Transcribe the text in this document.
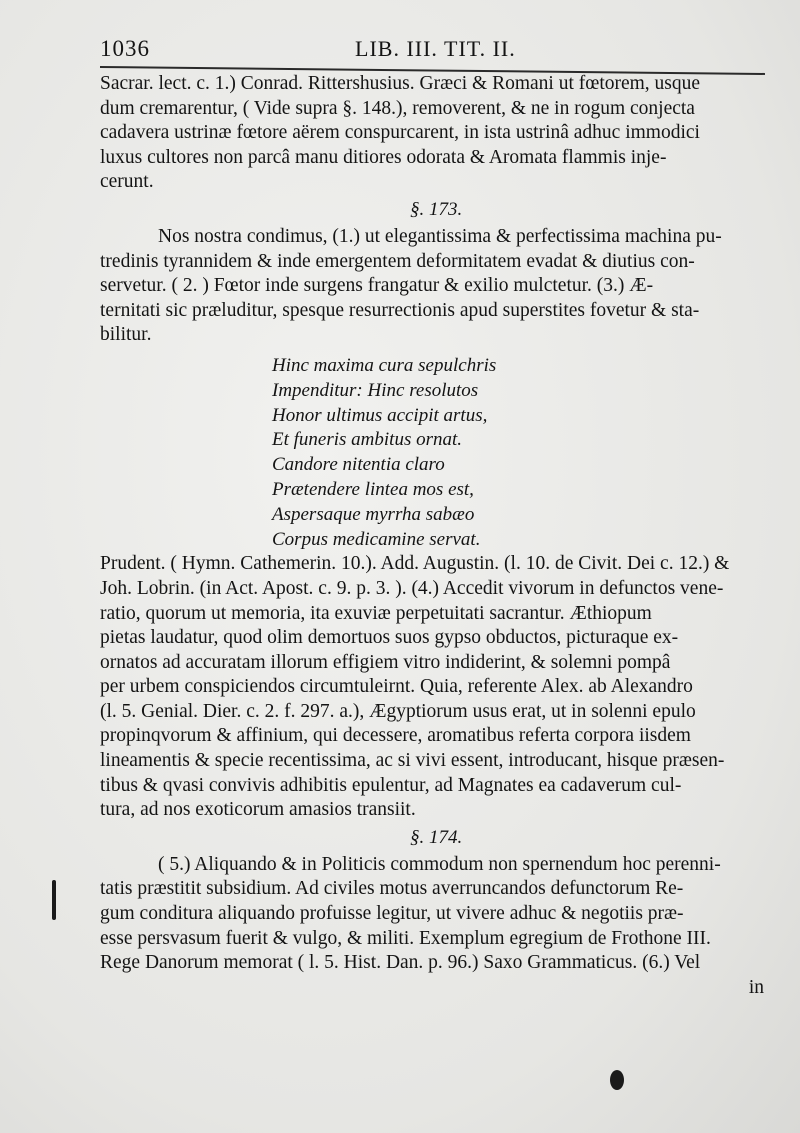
1036	LIB. III. TIT. II.
Sacrar. lect. c. 1.) Conrad. Rittershusius. Græci & Romani ut fœtorem, usque
dum cremarentur, ( Vide supra §. 148.), removerent, & ne in rogum conjecta
cadavera ustrinæ fœtore aërem conspurcarent, in ista ustrinâ adhuc immodici
luxus cultores non parcâ manu ditiores odorata & Aromata flammis inje-
cerunt.
§. 173.
Nos nostra condimus, (1.) ut elegantissima & perfectissima machina pu-
tredinis tyrannidem & inde emergentem deformitatem evadat & diutius con-
servetur. ( 2. ) Fœtor inde surgens frangatur & exilio mulctetur. (3.) Æ-
ternitati sic præluditur, spesque resurrectionis apud superstites fovetur & sta-
bilitur.
Hinc maxima cura sepulchris
Impenditur: Hinc resolutos
Honor ultimus accipit artus,
Et funeris ambitus ornat.
Candore nitentia claro
Prætendere lintea mos est,
Aspersaque myrrha sabæo
Corpus medicamine servat.
Prudent. ( Hymn. Cathemerin. 10.). Add. Augustin. (l. 10. de Civit. Dei c. 12.) &
Joh. Lobrin. (in Act. Apost. c. 9. p. 3. ). (4.) Accedit vivorum in defunctos vene-
ratio, quorum ut memoria, ita exuviæ perpetuitati sacrantur. Æthiopum
pietas laudatur, quod olim demortuos suos gypso obductos, picturaque ex-
ornatos ad accuratam illorum effigiem vitro indiderint, & solemni pompâ
per urbem conspiciendos circumtuleirnt. Quia, referente Alex. ab Alexandro
(l. 5. Genial. Dier. c. 2. f. 297. a.), Ægyptiorum usus erat, ut in solenni epulo
propinqvorum & affinium, qui decessere, aromatibus referta corpora iisdem
lineamentis & specie recentissima, ac si vivi essent, introducant, hisque præsen-
tibus & qvasi convivis adhibitis epulentur, ad Magnates ea cadaverum cul-
tura, ad nos exoticorum amasios transiit.
§. 174.
( 5.) Aliquando & in Politicis commodum non spernendum hoc perenni-
tatis præstitit subsidium. Ad civiles motus averruncandos defunctorum Re-
gum conditura aliquando profuisse legitur, ut vivere adhuc & negotiis præ-
esse persvasum fuerit & vulgo, & militi. Exemplum egregium de Frothone III.
Rege Danorum memorat ( l. 5. Hist. Dan. p. 96.) Saxo Grammaticus. (6.) Vel
in
